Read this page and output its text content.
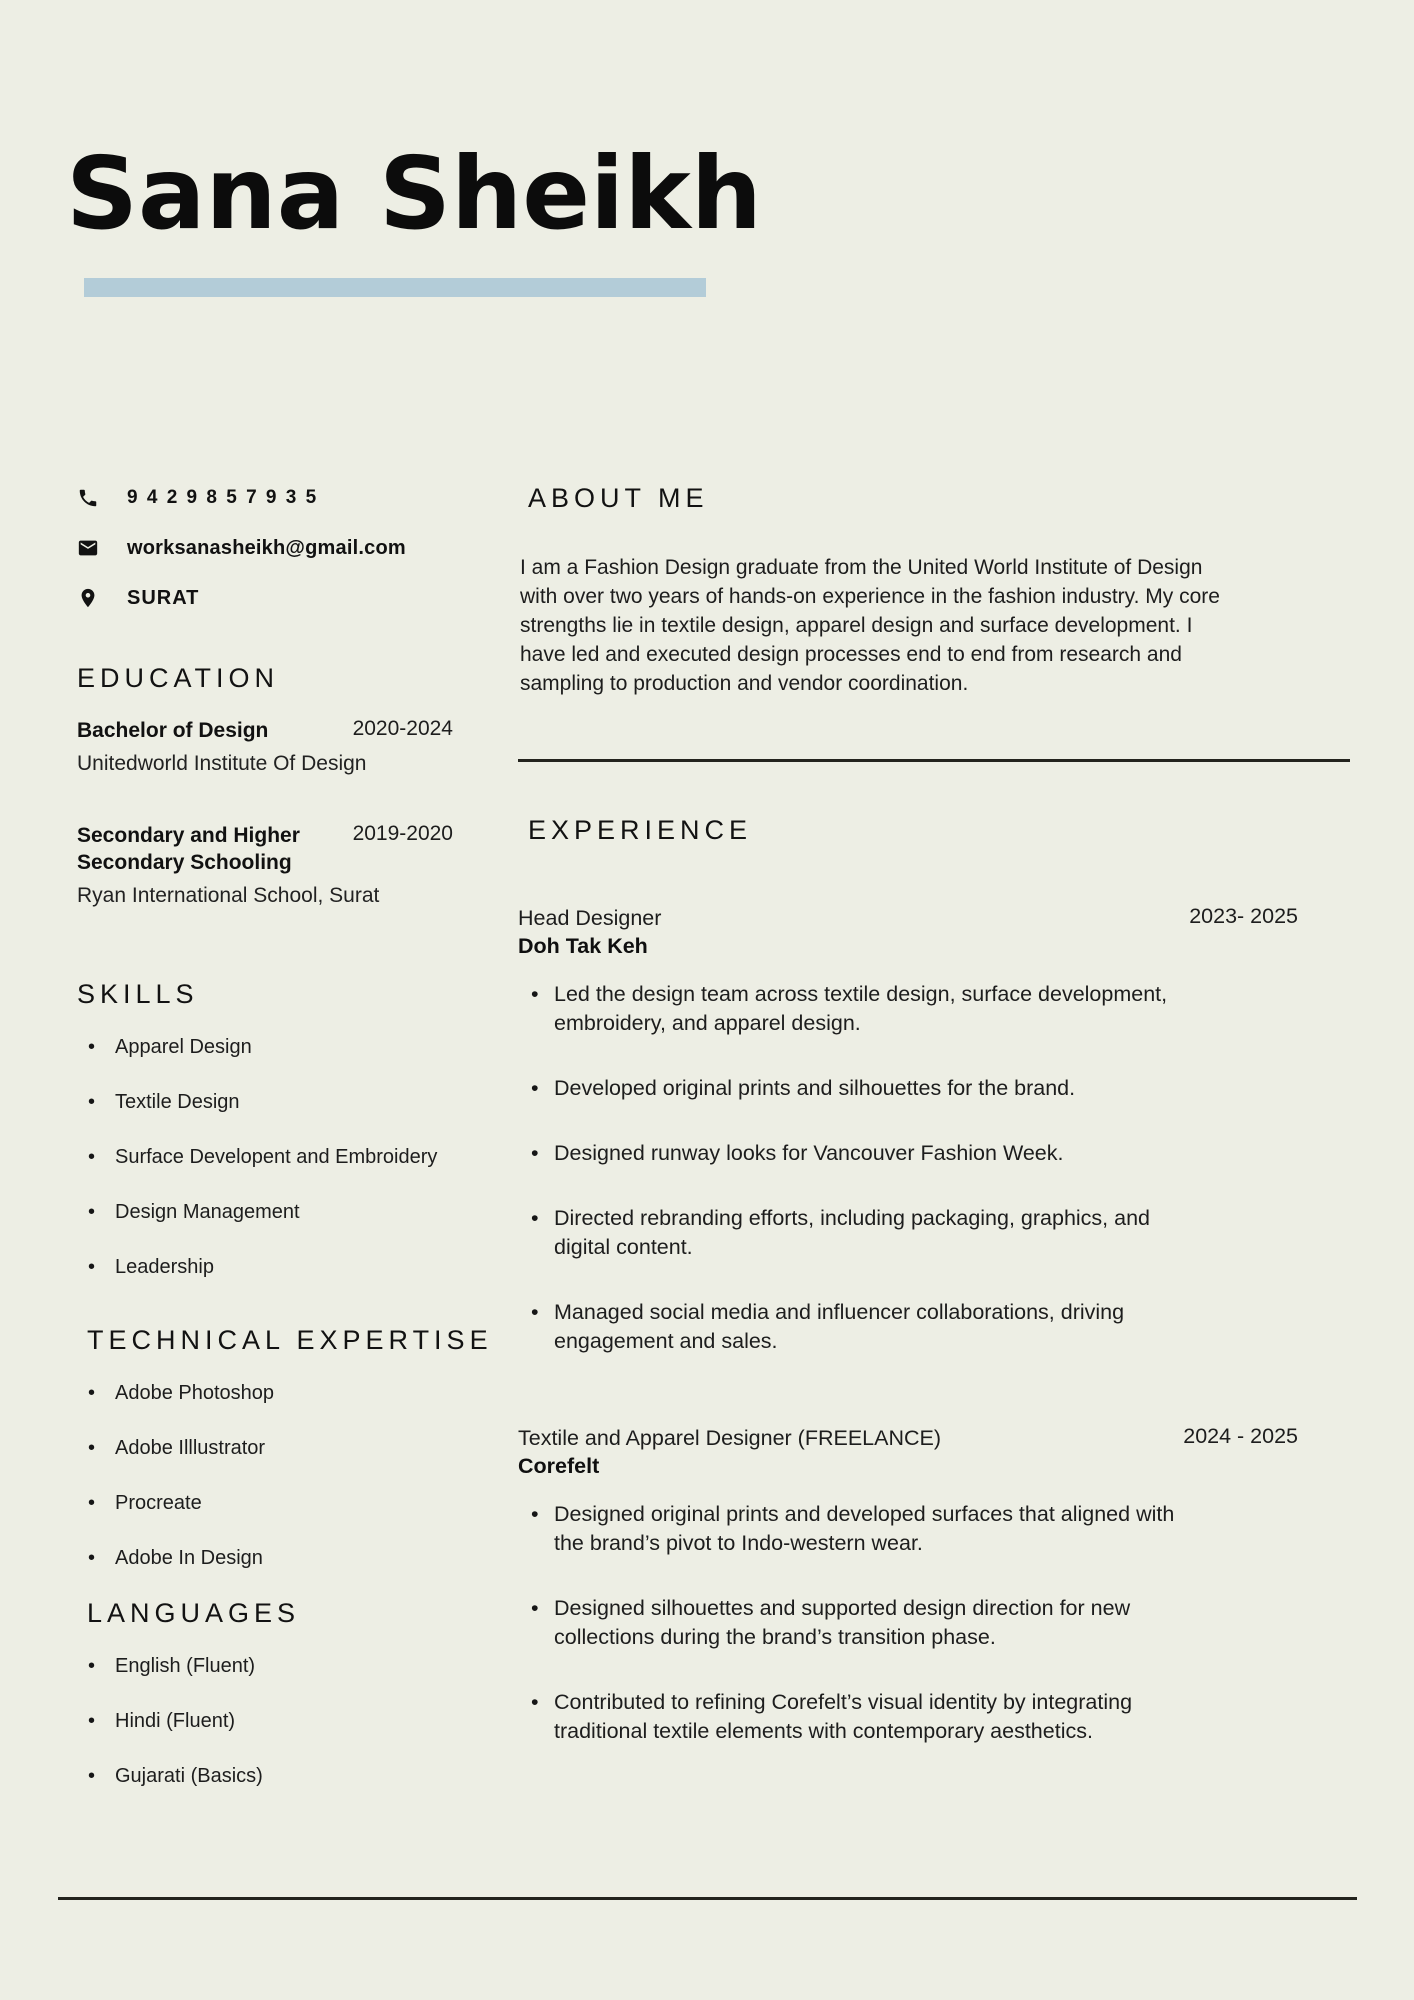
Sana Sheikh
9 4 2 9 8 5 7 9 3 5
worksanasheikh@gmail.com
SURAT
EDUCATION
Bachelor of Design	2020-2024
Unitedworld Institute Of Design
Secondary and Higher Secondary Schooling
2019-2020
Ryan International School, Surat
SKILLS
• Apparel Design
• Textile Design
• Surface Developent and Embroidery
• Design Management
• Leadership
TECHNICAL EXPERTISE
• Adobe Photoshop
• Adobe Illlustrator
• Procreate
• Adobe In Design
LANGUAGES
• English (Fluent)
• Hindi (Fluent)
• Gujarati (Basics)
ABOUT ME

I am a Fashion Design graduate from the United World Institute of Design with over two years of hands-on experience in the fashion industry. My core strengths lie in textile design, apparel design and surface development. I have led and executed design processes end to end from research and sampling to production and vendor coordination.

EXPERIENCE
Head Designer
Doh Tak Keh
2023- 2025
• Led the design team across textile design, surface development, embroidery, and apparel design.
• Developed original prints and silhouettes for the brand.
• Designed runway looks for Vancouver Fashion Week.
• Directed rebranding efforts, including packaging, graphics, and digital content.
• Managed social media and influencer collaborations, driving engagement and sales.
Textile and Apparel Designer (FREELANCE)
Corefelt
2024 - 2025
• Designed original prints and developed surfaces that aligned with the brand’s pivot to Indo-western wear.
• Designed silhouettes and supported design direction for new collections during the brand’s transition phase.
• Contributed to refining Corefelt’s visual identity by integrating traditional textile elements with contemporary aesthetics.
